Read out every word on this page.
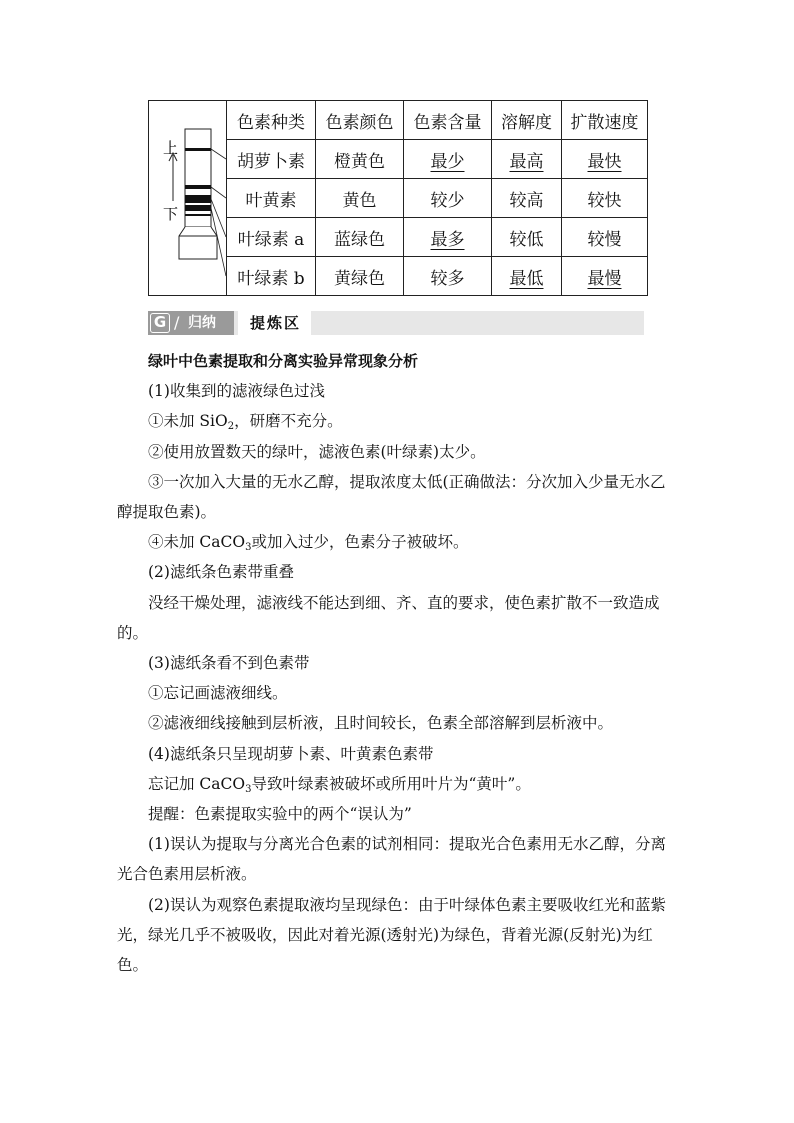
上
下	色素种类	色素颜色	色素含量	溶解度	扩散速度
	胡萝卜素	橙黄色	最少	最高	最快
	叶黄素	黄色	较少	较高	较快
	叶绿素 a	蓝绿色	最多	较低	较慢
	叶绿素 b	黄绿色	较多	最低	最慢
G / 归纳	提炼区

绿叶中色素提取和分离实验异常现象分析

(1)收集到的滤液绿色过浅

①未加 SiO$_2$，研磨不充分。

②使用放置数天的绿叶，滤液色素(叶绿素)太少。

③一次加入大量的无水乙醇，提取浓度太低(正确做法：分次加入少量无水乙醇提取色素)。

④未加 CaCO$_3$或加入过少，色素分子被破坏。

(2)滤纸条色素带重叠

没经干燥处理，滤液线不能达到细、齐、直的要求，使色素扩散不一致造成的。

(3)滤纸条看不到色素带

①忘记画滤液细线。

②滤液细线接触到层析液，且时间较长，色素全部溶解到层析液中。

(4)滤纸条只呈现胡萝卜素、叶黄素色素带

忘记加 CaCO$_3$导致叶绿素被破坏或所用叶片为“黄叶”。

提醒：色素提取实验中的两个“误认为”

(1)误认为提取与分离光合色素的试剂相同：提取光合色素用无水乙醇，分离光合色素用层析液。

(2)误认为观察色素提取液均呈现绿色：由于叶绿体色素主要吸收红光和蓝紫光，绿光几乎不被吸收，因此对着光源(透射光)为绿色，背着光源(反射光)为红色。
